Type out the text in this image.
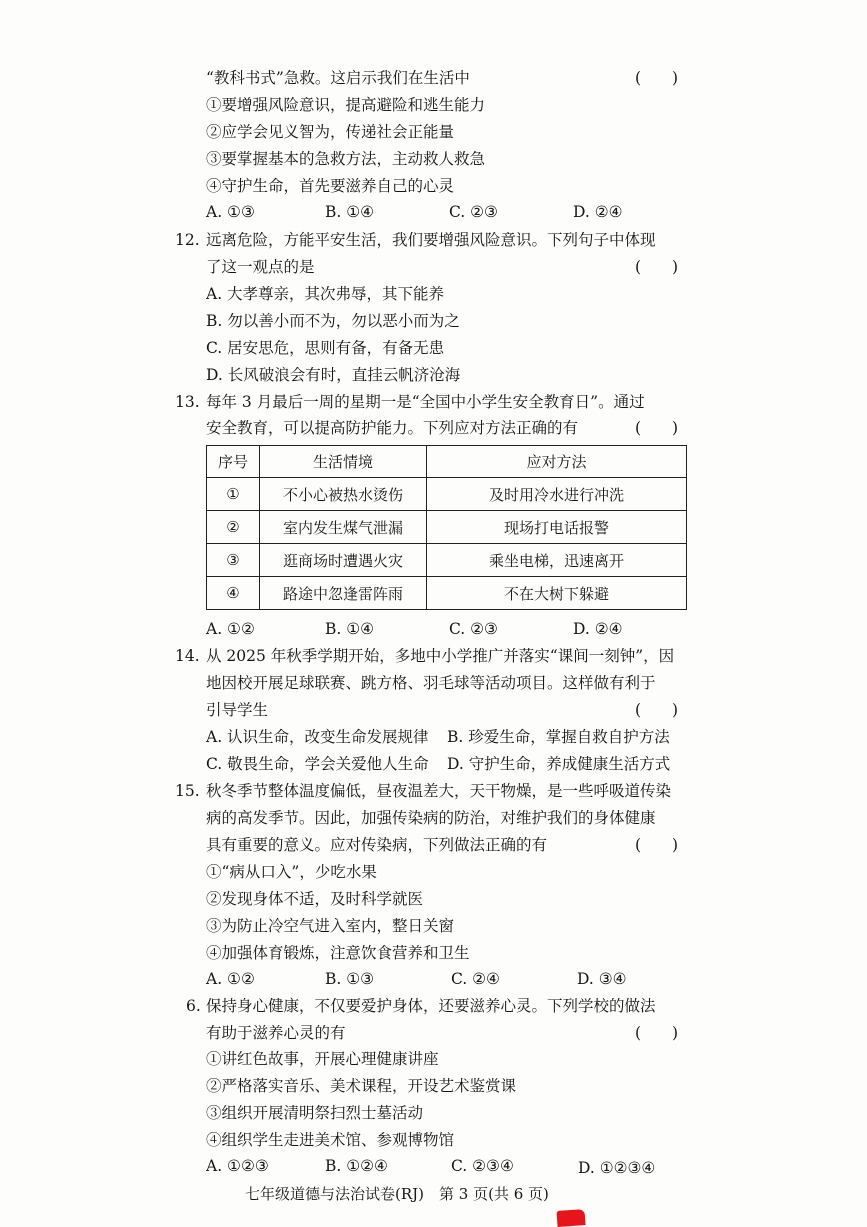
“教科书式”急救。这启示我们在生活中	(　　)
①要增强风险意识，提高避险和逃生能力
②应学会见义智为，传递社会正能量
③要掌握基本的急救方法，主动救人救急
④守护生命，首先要滋养自己的心灵
A. ①③	B. ①④	C. ②③	D. ②④
12. 远离危险，方能平安生活，我们要增强风险意识。下列句子中体现
了这一观点的是	(　　)
A. 大孝尊亲，其次弗辱，其下能养
B. 勿以善小而不为，勿以恶小而为之
C. 居安思危，思则有备，有备无患
D. 长风破浪会有时，直挂云帆济沧海
13. 每年 3 月最后一周的星期一是“全国中小学生安全教育日”。通过
安全教育，可以提高防护能力。下列应对方法正确的有	(　　)
序号	生活情境	应对方法
①	不小心被热水烫伤	及时用冷水进行冲洗
②	室内发生煤气泄漏	现场打电话报警
③	逛商场时遭遇火灾	乘坐电梯，迅速离开
④	路途中忽逢雷阵雨	不在大树下躲避
A. ①②	B. ①④	C. ②③	D. ②④
14. 从 2025 年秋季学期开始，多地中小学推广并落实“课间一刻钟”，因
地因校开展足球联赛、跳方格、羽毛球等活动项目。这样做有利于
引导学生	(　　)
A. 认识生命，改变生命发展规律 B. 珍爱生命，掌握自救自护方法
C. 敬畏生命，学会关爱他人生命 D. 守护生命，养成健康生活方式
15. 秋冬季节整体温度偏低，昼夜温差大，天干物燥，是一些呼吸道传染
病的高发季节。因此，加强传染病的防治，对维护我们的身体健康
具有重要的意义。应对传染病，下列做法正确的有	(　　)
①“病从口入”，少吃水果
②发现身体不适，及时科学就医
③为防止冷空气进入室内，整日关窗
④加强体育锻炼，注意饮食营养和卫生
A. ①②	B. ①③	C. ②④	D. ③④
6. 保持身心健康，不仅要爱护身体，还要滋养心灵。下列学校的做法
有助于滋养心灵的有	(　　)
①讲红色故事，开展心理健康讲座
②严格落实音乐、美术课程，开设艺术鉴赏课
③组织开展清明祭扫烈士墓活动
④组织学生走进美术馆、参观博物馆
A. ①②③	B. ①②④	C. ②③④	D. ①②③④
七年级道德与法治试卷(RJ)　第 3 页(共 6 页)
